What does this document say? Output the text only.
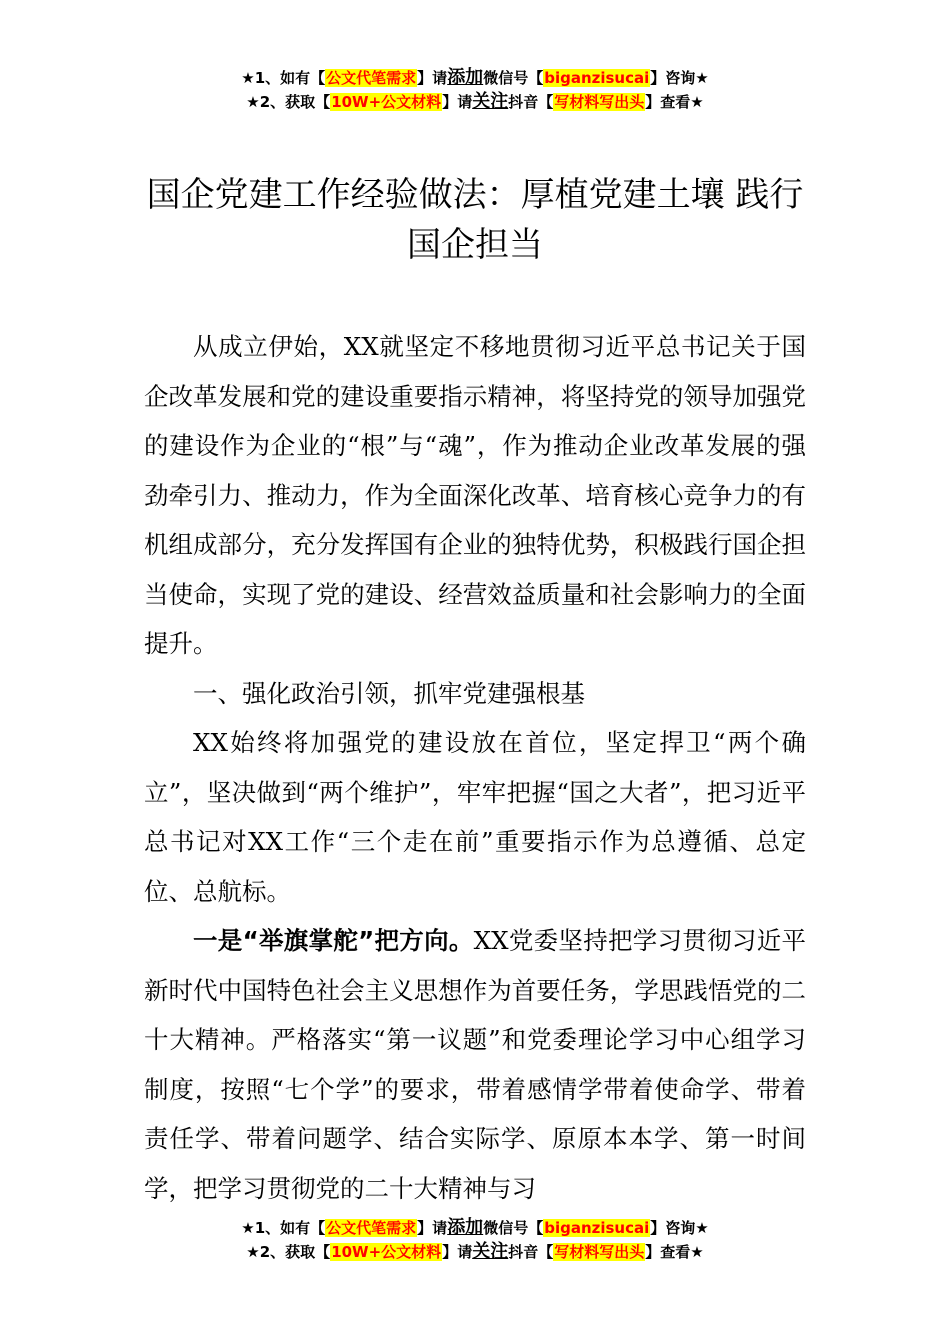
★1、如有【公文代笔需求】请添加微信号【biganzisucai】咨询★
★2、获取【10W+公文材料】请关注抖音【写材料写出头】查看★
国企党建工作经验做法：厚植党建土壤 践行国企担当

从成立伊始，XX就坚定不移地贯彻习近平总书记关于国企改革发展和党的建设重要指示精神，将坚持党的领导加强党的建设作为企业的“根”与“魂”，作为推动企业改革发展的强劲牵引力、推动力，作为全面深化改革、培育核心竞争力的有机组成部分，充分发挥国有企业的独特优势，积极践行国企担当使命，实现了党的建设、经营效益质量和社会影响力的全面提升。

一、强化政治引领，抓牢党建强根基

XX始终将加强党的建设放在首位，坚定捍卫“两个确立”，坚决做到“两个维护”，牢牢把握“国之大者”，把习近平总书记对XX工作“三个走在前”重要指示作为总遵循、总定位、总航标。

一是“举旗掌舵”把方向。XX党委坚持把学习贯彻习近平新时代中国特色社会主义思想作为首要任务，学思践悟党的二十大精神。严格落实“第一议题”和党委理论学习中心组学习制度，按照“七个学”的要求，带着感情学带着使命学、带着责任学、带着问题学、结合实际学、原原本本学、第一时间学，把学习贯彻党的二十大精神与习

★1、如有【公文代笔需求】请添加微信号【biganzisucai】咨询★
★2、获取【10W+公文材料】请关注抖音【写材料写出头】查看★
